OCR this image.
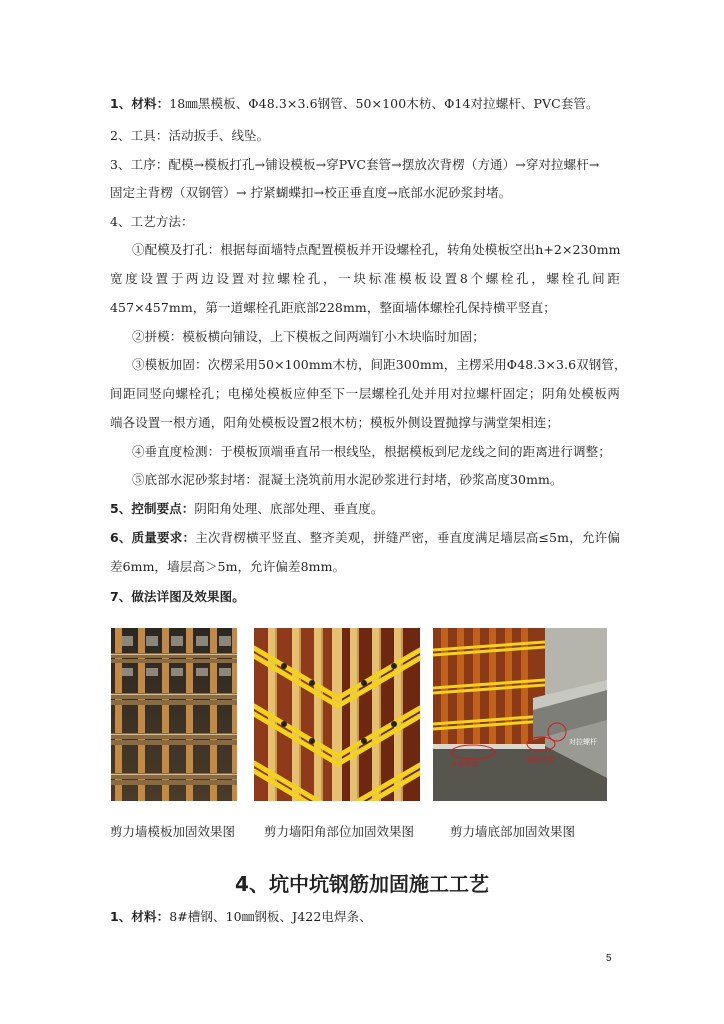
1、材料：18㎜黑模板、Φ48.3×3.6钢管、50×100木枋、Φ14对拉螺杆、PVC套管。
2、工具：活动扳手、线坠。
3、工序：配模→模板打孔→铺设模板→穿PVC套管→摆放次背楞（方通）→穿对拉螺杆→
固定主背楞（双钢管）→ 拧紧蝴蝶扣→校正垂直度→底部水泥砂浆封堵。
4、工艺方法：
①配模及打孔：根据每面墙特点配置模板并开设螺栓孔，转角处模板空出h+2×230mm
宽度设置于两边设置对拉螺栓孔，一块标准模板设置8个螺栓孔，螺栓孔间距
457×457mm，第一道螺栓孔距底部228mm，整面墙体螺栓孔保持横平竖直；
②拼模：模板横向铺设，上下模板之间两端钉小木块临时加固；
③模板加固：次楞采用50×100mm木枋，间距300mm，主楞采用Φ48.3×3.6双钢管，
间距同竖向螺栓孔；电梯处模板应伸至下一层螺栓孔处并用对拉螺杆固定；阴角处模板两
端各设置一根方通，阳角处模板设置2根木枋；模板外侧设置抛撑与满堂架相连；
④垂直度检测：于模板顶端垂直吊一根线坠，根据模板到尼龙线之间的距离进行调整；
⑤底部水泥砂浆封堵：混凝土浇筑前用水泥砂浆进行封堵，砂浆高度30mm。
5、控制要点：阴阳角处理、底部处理、垂直度。
6、质量要求：主次背楞横平竖直、整齐美观，拼缝严密，垂直度满足墙层高≤5m，允许偏
差6mm，墙层高＞5m，允许偏差8mm。
7、做法详图及效果图。
水泥砂浆	钢管次楞
对拉螺杆
剪力墙模板加固效果图 剪力墙阳角部位加固效果图	剪力墙底部加固效果图
4、坑中坑钢筋加固施工工艺
1、材料：8#槽钢、10㎜钢板、J422电焊条、
5
